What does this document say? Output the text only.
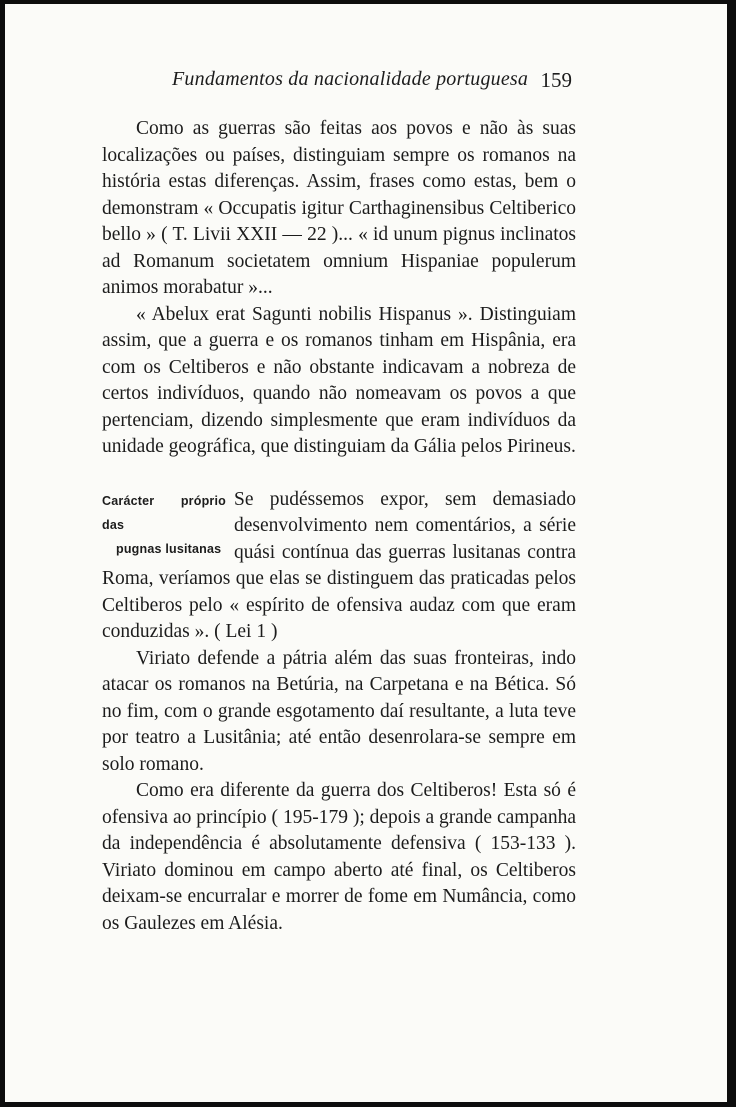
Fundamentos da nacionalidade portuguesa 159

Como as guerras são feitas aos povos e não às suas localizações ou países, distinguiam sempre os romanos na história estas diferenças. Assim, frases como estas, bem o demonstram « Occupatis igitur Carthaginensibus Celtiberico bello » ( T. Livii XXII — 22 )... « id unum pignus inclinatos ad Romanum societatem omnium Hispaniae populerum animos morabatur »...

« Abelux erat Sagunti nobilis Hispanus ». Distinguiam assim, que a guerra e os romanos tinham em Hispânia, era com os Celtiberos e não obstante indicavam a nobreza de certos indivíduos, quando não nomeavam os povos a que pertenciam, dizendo simplesmente que eram indivíduos da unidade geográfica, que distinguiam da Gália pelos Pirineus.

Carácter próprio das
pugnas lusitanas

Se pudéssemos expor, sem demasiado desenvolvimento nem comentários, a série quási contínua das guerras lusitanas contra Roma, veríamos que elas se distinguem das praticadas pelos Celtiberos pelo « espírito de ofensiva audaz com que eram conduzidas ». ( Lei 1 )

Viriato defende a pátria além das suas fronteiras, indo atacar os romanos na Betúria, na Carpetana e na Bética. Só no fim, com o grande esgotamento daí resultante, a luta teve por teatro a Lusitânia; até então desenrolara-se sempre em solo romano.

Como era diferente da guerra dos Celtiberos! Esta só é ofensiva ao princípio ( 195-179 ); depois a grande campanha da independência é absolutamente defensiva ( 153-133 ). Viriato dominou em campo aberto até final, os Celtiberos deixam-se encurralar e morrer de fome em Numância, como os Gaulezes em Alésia.
